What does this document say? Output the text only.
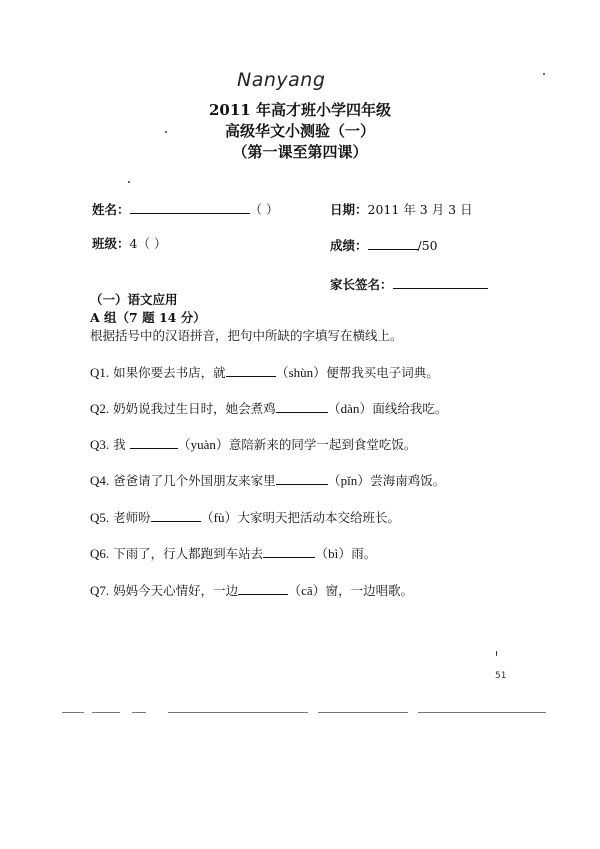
Nanyang
2011 年高才班小学四年级
高级华文小测验（一）
（第一课至第四课）
姓名：	（ ）	日期：2011 年 3 月 3 日
班级：4（ ）	成绩：	/50
家长签名：
（一）语文应用
A 组（7 题 14 分）
根据括号中的汉语拼音，把句中所缺的字填写在横线上。
Q1. 如果你要去书店，就	（shùn）便帮我买电子词典。
Q2. 奶奶说我过生日时，她会煮鸡	（dàn）面线给我吃。
Q3. 我	（yuàn）意陪新来的同学一起到食堂吃饭。
Q4. 爸爸请了几个外国朋友来家里	（pǐn）尝海南鸡饭。
Q5. 老师吩	（fù）大家明天把活动本交给班长。
Q6. 下雨了，行人都跑到车站去	（bì）雨。
Q7. 妈妈今天心情好，一边	（cā）窗，一边唱歌。
51
